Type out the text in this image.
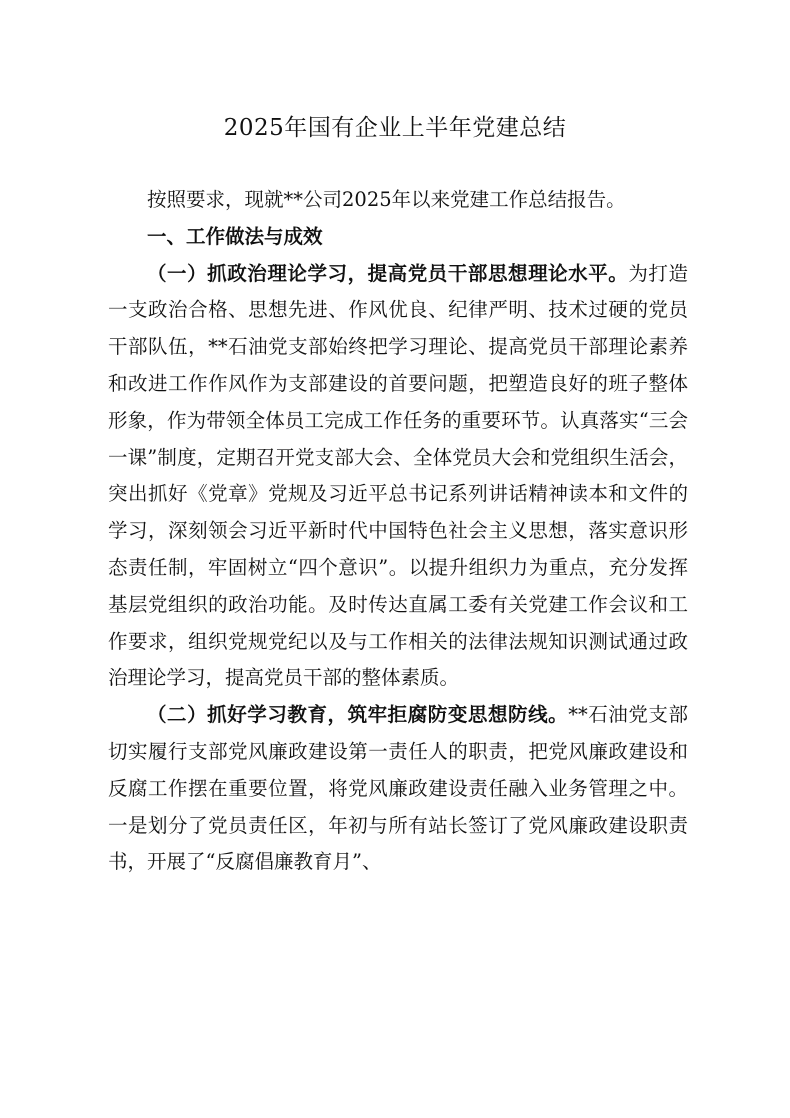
2025年国有企业上半年党建总结

按照要求，现就**公司2025年以来党建工作总结报告。

一、工作做法与成效

（一）抓政治理论学习，提高党员干部思想理论水平。为打造一支政治合格、思想先进、作风优良、纪律严明、技术过硬的党员干部队伍，**石油党支部始终把学习理论、提高党员干部理论素养和改进工作作风作为支部建设的首要问题，把塑造良好的班子整体形象，作为带领全体员工完成工作任务的重要环节。认真落实“三会一课”制度，定期召开党支部大会、全体党员大会和党组织生活会，突出抓好《党章》党规及习近平总书记系列讲话精神读本和文件的学习，深刻领会习近平新时代中国特色社会主义思想，落实意识形态责任制，牢固树立“四个意识”。以提升组织力为重点，充分发挥基层党组织的政治功能。及时传达直属工委有关党建工作会议和工作要求，组织党规党纪以及与工作相关的法律法规知识测试通过政治理论学习，提高党员干部的整体素质。

（二）抓好学习教育，筑牢拒腐防变思想防线。**石油党支部切实履行支部党风廉政建设第一责任人的职责，把党风廉政建设和反腐工作摆在重要位置，将党风廉政建设责任融入业务管理之中。一是划分了党员责任区，年初与所有站长签订了党风廉政建设职责书，开展了“反腐倡廉教育月”、
